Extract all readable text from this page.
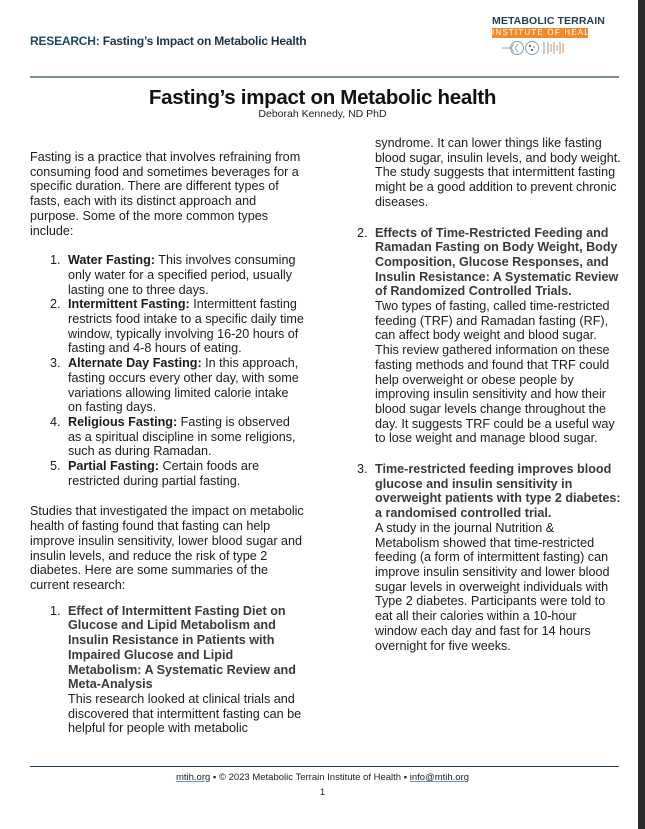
RESEARCH: Fasting’s Impact on Metabolic Health
METABOLIC TERRAIN
INSTITUTE OF HEALTH
Fasting’s impact on Metabolic health
Deborah Kennedy, ND PhD

Fasting is a practice that involves refraining from consuming food and sometimes beverages for a specific duration. There are different types of fasts, each with its distinct approach and purpose. Some of the more common types include:

1. Water Fasting: This involves consuming only water for a specified period, usually lasting one to three days.
2. Intermittent Fasting: Intermittent fasting restricts food intake to a specific daily time window, typically involving 16-20 hours of fasting and 4-8 hours of eating.
3. Alternate Day Fasting: In this approach, fasting occurs every other day, with some variations allowing limited calorie intake on fasting days.
4. Religious Fasting: Fasting is observed as a spiritual discipline in some religions, such as during Ramadan.
5. Partial Fasting: Certain foods are restricted during partial fasting.

Studies that investigated the impact on metabolic health of fasting found that fasting can help improve insulin sensitivity, lower blood sugar and insulin levels, and reduce the risk of type 2 diabetes. Here are some summaries of the current research:

1. Effect of Intermittent Fasting Diet on Glucose and Lipid Metabolism and Insulin Resistance in Patients with Impaired Glucose and Lipid Metabolism: A Systematic Review and Meta-Analysis
This research looked at clinical trials and discovered that intermittent fasting can be helpful for people with metabolic

syndrome. It can lower things like fasting blood sugar, insulin levels, and body weight. The study suggests that intermittent fasting might be a good addition to prevent chronic diseases.

2. Effects of Time-Restricted Feeding and Ramadan Fasting on Body Weight, Body Composition, Glucose Responses, and Insulin Resistance: A Systematic Review of Randomized Controlled Trials.
Two types of fasting, called time-restricted feeding (TRF) and Ramadan fasting (RF), can affect body weight and blood sugar. This review gathered information on these fasting methods and found that TRF could help overweight or obese people by improving insulin sensitivity and how their blood sugar levels change throughout the day. It suggests TRF could be a useful way to lose weight and manage blood sugar.
3. Time-restricted feeding improves blood glucose and insulin sensitivity in overweight patients with type 2 diabetes: a randomised controlled trial.
A study in the journal Nutrition & Metabolism showed that time-restricted feeding (a form of intermittent fasting) can improve insulin sensitivity and lower blood sugar levels in overweight individuals with Type 2 diabetes. Participants were told to eat all their calories within a 10-hour window each day and fast for 14 hours overnight for five weeks.
mtih.org ▪ © 2023 Metabolic Terrain Institute of Health ▪ info@mtih.org
1
